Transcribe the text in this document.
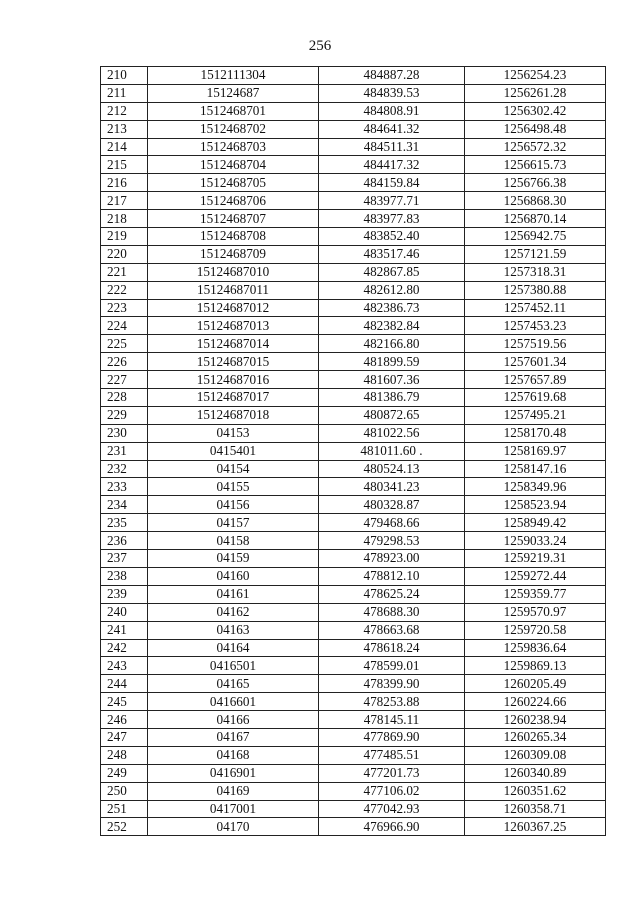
256
210	1512111304	484887.28	1256254.23
211	15124687	484839.53	1256261.28
212	1512468701	484808.91	1256302.42
213	1512468702	484641.32	1256498.48
214	1512468703	484511.31	1256572.32
215	1512468704	484417.32	1256615.73
216	1512468705	484159.84	1256766.38
217	1512468706	483977.71	1256868.30
218	1512468707	483977.83	1256870.14
219	1512468708	483852.40	1256942.75
220	1512468709	483517.46	1257121.59
221	15124687010	482867.85	1257318.31
222	15124687011	482612.80	1257380.88
223	15124687012	482386.73	1257452.11
224	15124687013	482382.84	1257453.23
225	15124687014	482166.80	1257519.56
226	15124687015	481899.59	1257601.34
227	15124687016	481607.36	1257657.89
228	15124687017	481386.79	1257619.68
229	15124687018	480872.65	1257495.21
230	04153	481022.56	1258170.48
231	0415401	481011.60 .	1258169.97
232	04154	480524.13	1258147.16
233	04155	480341.23	1258349.96
234	04156	480328.87	1258523.94
235	04157	479468.66	1258949.42
236	04158	479298.53	1259033.24
237	04159	478923.00	1259219.31
238	04160	478812.10	1259272.44
239	04161	478625.24	1259359.77
240	04162	478688.30	1259570.97
241	04163	478663.68	1259720.58
242	04164	478618.24	1259836.64
243	0416501	478599.01	1259869.13
244	04165	478399.90	1260205.49
245	0416601	478253.88	1260224.66
246	04166	478145.11	1260238.94
247	04167	477869.90	1260265.34
248	04168	477485.51	1260309.08
249	0416901	477201.73	1260340.89
250	04169	477106.02	1260351.62
251	0417001	477042.93	1260358.71
252	04170	476966.90	1260367.25
